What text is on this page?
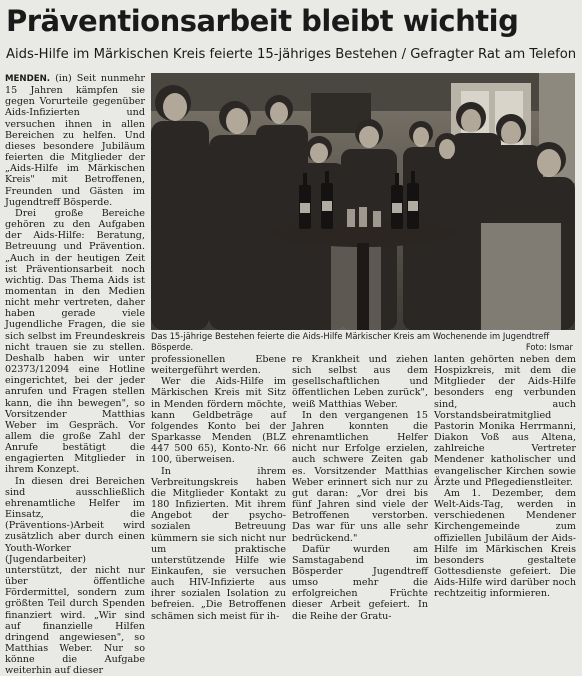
Präventionsarbeit bleibt wichtig
Aids-Hilfe im Märkischen Kreis feierte 15-jähriges Bestehen / Gefragter Rat am Telefon

MENDEN. (in) Seit nunmehr 15 Jahren kämpfen sie gegen Vorurteile gegenüber Aids-Infizierten und versuchen ihnen in allen Bereichen zu helfen. Und dieses besondere Jubiläum feierten die Mitglieder der „Aids-Hilfe im Märkischen Kreis" mit Betroffenen, Freunden und Gästen im Jugendtreff Bösperde.

Drei große Bereiche gehören zu den Aufgaben der Aids-Hilfe: Beratung, Betreuung und Prävention. „Auch in der heutigen Zeit ist Präventionsarbeit noch wichtig. Das Thema Aids ist momentan in den Medien nicht mehr vertreten, daher haben gerade viele Jugendliche Fragen, die sie sich selbst im Freundeskreis nicht trauen sie zu stellen. Deshalb haben wir unter 02373/12094 eine Hotline eingerichtet, bei der jeder anrufen und Fragen stellen kann, die ihn bewegen", so Vorsitzender Matthias Weber im Gespräch. Vor allem die große Zahl der Anrufe bestätigt die engagierten Mitglieder in ihrem Konzept.

In diesen drei Bereichen sind ausschließlich ehrenamtliche Helfer im Einsatz, die (Präventions-)Arbeit wird zusätzlich aber durch einen Youth-Worker (Jugendarbeiter) unterstützt, der nicht nur über öffentliche Fördermittel, sondern zum größten Teil durch Spenden finanziert wird. „Wir sind auf finanzielle Hilfen dringend angewiesen", so Matthias Weber. Nur so könne die Aufgabe weiterhin auf dieser

Das 15-jährige Bestehen feierte die Aids-Hilfe Märkischer Kreis am Wochenende im Jugendtreff Bösperde.	Foto: Ismar

professionellen Ebene weitergeführt werden.

Wer die Aids-Hilfe im Märkischen Kreis mit Sitz in Menden fördern möchte, kann Geldbeträge auf folgendes Konto bei der Sparkasse Menden (BLZ 447 500 65), Konto-Nr. 66 100, überweisen.

In ihrem Verbreitungskreis haben die Mitglieder Kontakt zu 180 Infizierten. Mit ihrem Angebot der psycho-sozialen Betreuung kümmern sie sich nicht nur um praktische unterstützende Hilfe wie Einkaufen, sie versuchen auch HIV-Infizierte aus ihrer sozialen Isolation zu befreien. „Die Betroffenen schämen sich meist für ih-

re Krankheit und ziehen sich selbst aus dem gesellschaftlichen und öffentlichen Leben zurück", weiß Matthias Weber.

In den vergangenen 15 Jahren konnten die ehrenamtlichen Helfer nicht nur Erfolge erzielen, auch schwere Zeiten gab es. Vorsitzender Matthias Weber erinnert sich nur zu gut daran: „Vor drei bis fünf Jahren sind viele der Betroffenen verstorben. Das war für uns alle sehr bedrückend."

Dafür wurden am Samstagabend im Bösperder Jugendtreff umso mehr die erfolgreichen Früchte dieser Arbeit gefeiert. In die Reihe der Gratu-

lanten gehörten neben dem Hospizkreis, mit dem die Mitglieder der Aids-Hilfe besonders eng verbunden sind, auch Vorstandsbeiratmitglied Pastorin Monika Herrmanni, Diakon Voß aus Altena, zahlreiche Vertreter Mendener katholischer und evangelischer Kirchen sowie Ärzte und Pflegedienstleiter.

Am 1. Dezember, dem Welt-Aids-Tag, werden in verschiedenen Mendener Kirchengemeinde zum offiziellen Jubiläum der Aids-Hilfe im Märkischen Kreis besonders gestaltete Gottesdienste gefeiert. Die Aids-Hilfe wird darüber noch rechtzeitig informieren.
